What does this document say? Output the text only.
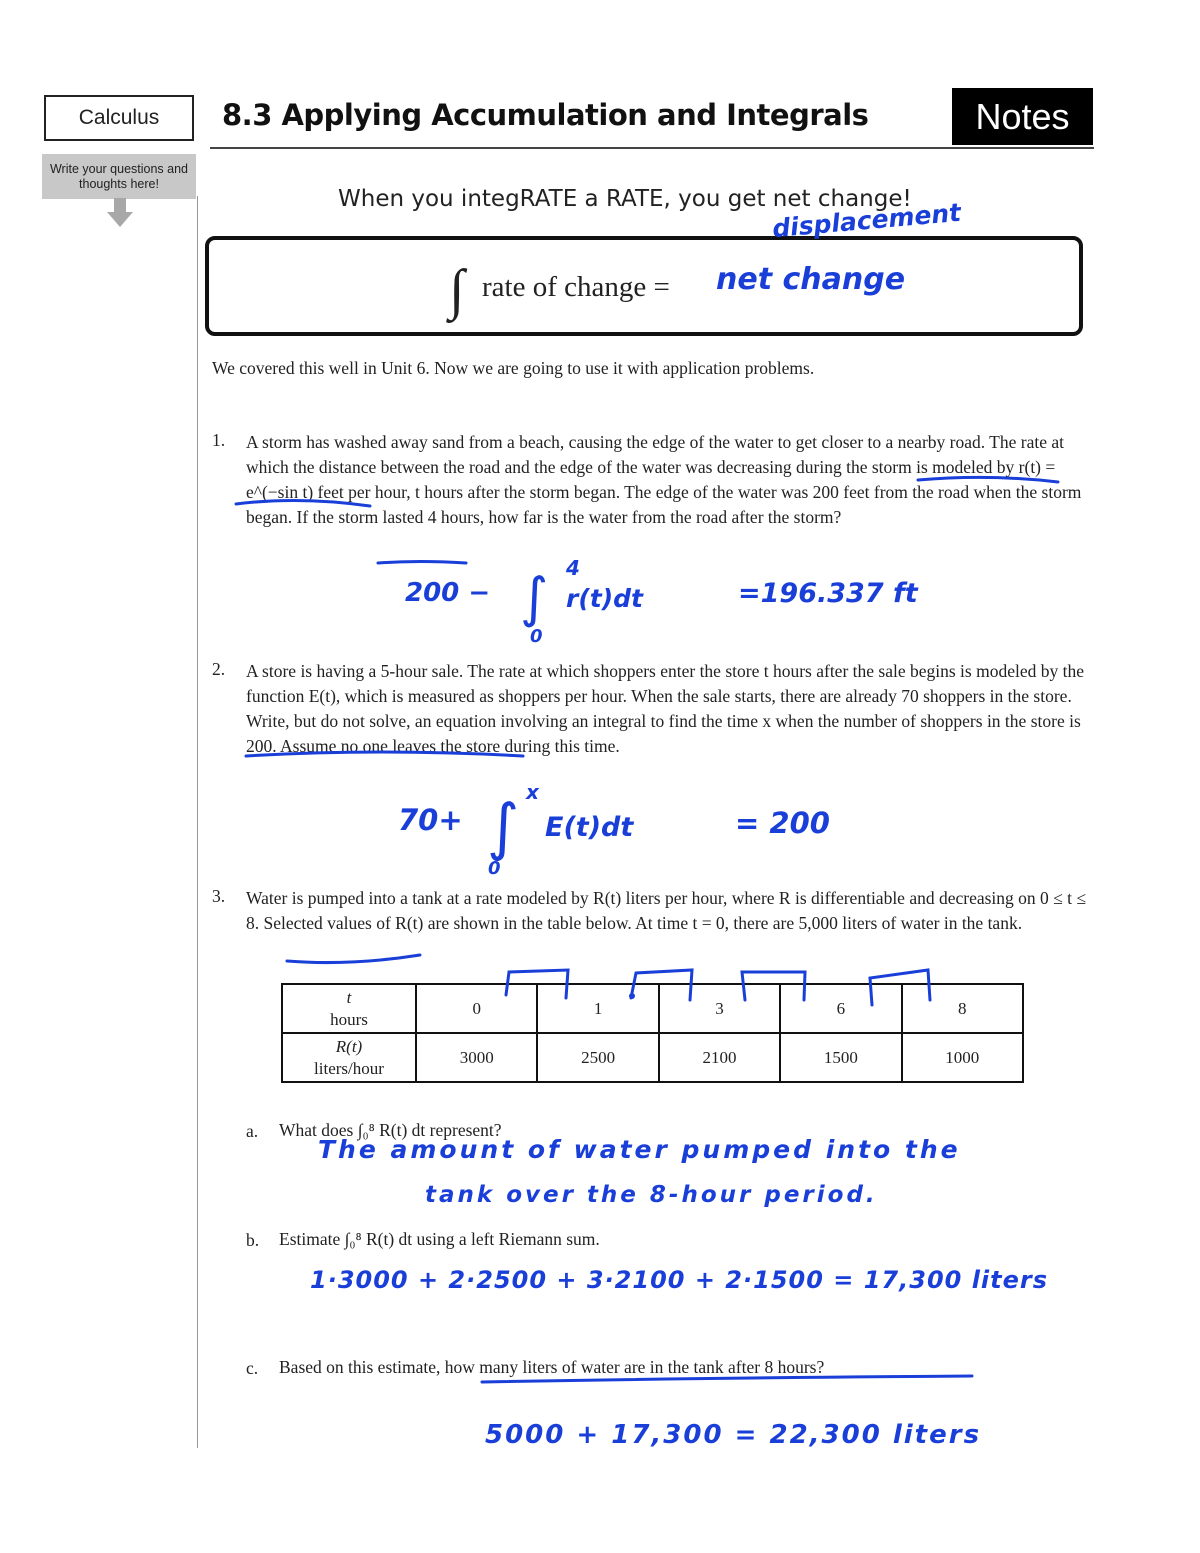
Calculus
Write your questions and thoughts here!
8.3 Applying Accumulation and Integrals	Notes
When you integRATE a RATE, you get net change!
∫ rate of change = net change
displacement
We covered this well in Unit 6. Now we are going to use it with application problems.
1. A storm has washed away sand from a beach, causing the edge of the water to get closer to a nearby road. The rate at which the distance between the road and the edge of the water was decreasing during the storm is modeled by r(t) = e^(−sin t) feet per hour, t hours after the storm began. The edge of the water was 200 feet from the road when the storm began. If the storm lasted 4 hours, how far is the water from the road after the storm?
200 − ∫ 4
0
r(t)dt	=196.337 ft
2. A store is having a 5-hour sale. The rate at which shoppers enter the store t hours after the sale begins is modeled by the function E(t), which is measured as shoppers per hour. When the sale starts, there are already 70 shoppers in the store. Write, but do not solve, an equation involving an integral to find the time x when the number of shoppers in the store is 200. Assume no one leaves the store during this time.
70+ ∫ x
0
E(t)dt	= 200
3. Water is pumped into a tank at a rate modeled by R(t) liters per hour, where R is differentiable and decreasing on 0 ≤ t ≤ 8. Selected values of R(t) are shown in the table below. At time t = 0, there are 5,000 liters of water in the tank.
t
hours	0	1	3	6	8

R(t)
liters/hour	3000	2500	2100	1500	1000
a. What does ∫₀⁸ R(t) dt represent?
The amount of water pumped into the
tank over the 8-hour period.
b. Estimate ∫₀⁸ R(t) dt using a left Riemann sum.
1·3000 + 2·2500 + 3·2100 + 2·1500 = 17,300 liters
c. Based on this estimate, how many liters of water are in the tank after 8 hours?
5000 + 17,300 = 22,300 liters
